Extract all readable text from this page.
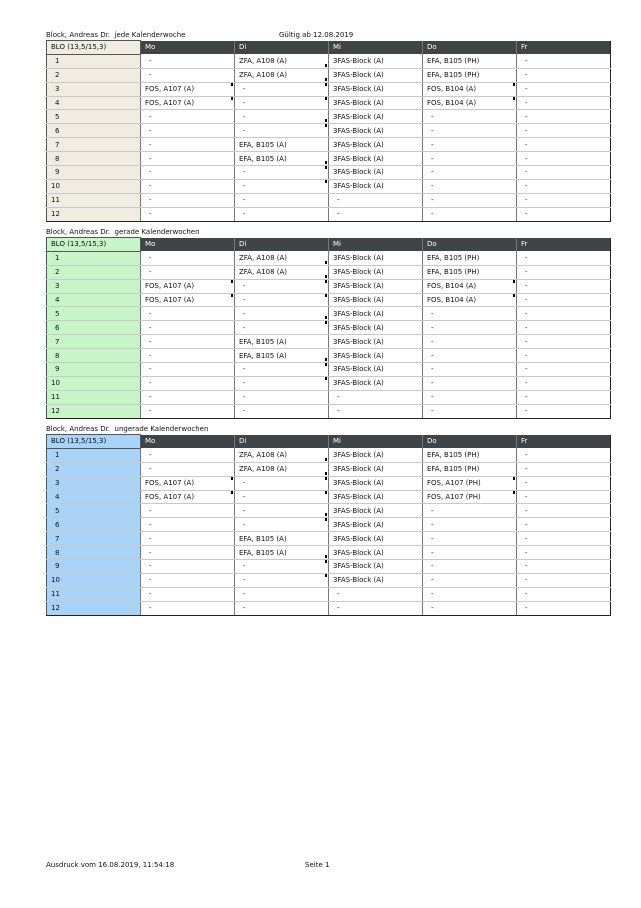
Block, Andreas Dr. jede Kalenderwoche	Gültig ab 12.08.2019
BLO (13,5/15,3)	Mo	Di	Mi	Do	Fr
1	-	ZFA, A108 (A)	3FAS-Block (A)	EFA, B105 (PH)	-
2	-	ZFA, A108 (A)	3FAS-Block (A)	EFA, B105 (PH)	-
3	FOS, A107 (A)	-	3FAS-Block (A)	FOS, B104 (A)	-
4	FOS, A107 (A)	-	3FAS-Block (A)	FOS, B104 (A)	-
5	-	-	3FAS-Block (A)	-	-
6	-	-	3FAS-Block (A)	-	-
7	-	EFA, B105 (A)	3FAS-Block (A)	-	-
8	-	EFA, B105 (A)	3FAS-Block (A)	-	-
9	-	-	3FAS-Block (A)	-	-
10	-	-	3FAS-Block (A)	-	-
11	-	-	-	-	-
12	-	-	-	-	-
Block, Andreas Dr. gerade Kalenderwochen
BLO (13,5/15,3)	Mo	Di	Mi	Do	Fr
1	-	ZFA, A108 (A)	3FAS-Block (A)	EFA, B105 (PH)	-
2	-	ZFA, A108 (A)	3FAS-Block (A)	EFA, B105 (PH)	-
3	FOS, A107 (A)	-	3FAS-Block (A)	FOS, B104 (A)	-
4	FOS, A107 (A)	-	3FAS-Block (A)	FOS, B104 (A)	-
5	-	-	3FAS-Block (A)	-	-
6	-	-	3FAS-Block (A)	-	-
7	-	EFA, B105 (A)	3FAS-Block (A)	-	-
8	-	EFA, B105 (A)	3FAS-Block (A)	-	-
9	-	-	3FAS-Block (A)	-	-
10	-	-	3FAS-Block (A)	-	-
11	-	-	-	-	-
12	-	-	-	-	-
Block, Andreas Dr. ungerade Kalenderwochen
BLO (13,5/15,3)	Mo	Di	Mi	Do	Fr
1	-	ZFA, A108 (A)	3FAS-Block (A)	EFA, B105 (PH)	-
2	-	ZFA, A108 (A)	3FAS-Block (A)	EFA, B105 (PH)	-
3	FOS, A107 (A)	-	3FAS-Block (A)	FOS, A107 (PH)	-
4	FOS, A107 (A)	-	3FAS-Block (A)	FOS, A107 (PH)	-
5	-	-	3FAS-Block (A)	-	-
6	-	-	3FAS-Block (A)	-	-
7	-	EFA, B105 (A)	3FAS-Block (A)	-	-
8	-	EFA, B105 (A)	3FAS-Block (A)	-	-
9	-	-	3FAS-Block (A)	-	-
10	-	-	3FAS-Block (A)	-	-
11	-	-	-	-	-
12	-	-	-	-	-
Ausdruck vom 16.08.2019, 11:54:18	Seite 1
